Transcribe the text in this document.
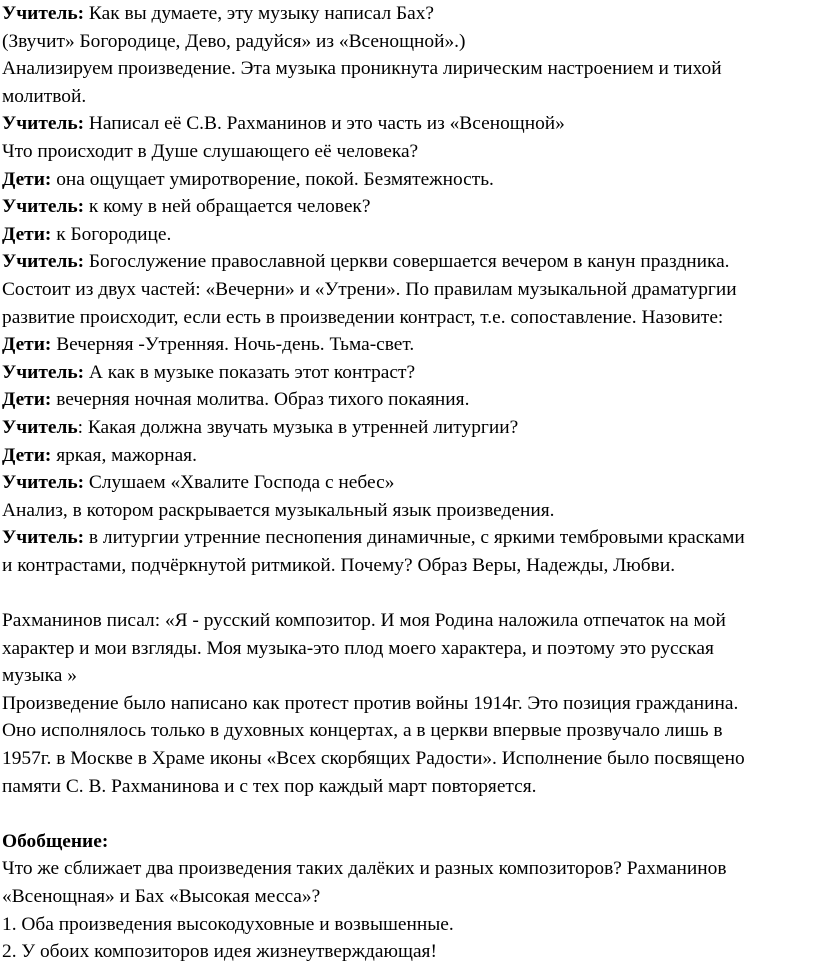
Учитель: Как вы думаете, эту музыку написал Бах?
(Звучит» Богородице, Дево, радуйся» из «Всенощной».)
Анализируем произведение. Эта музыка проникнута лирическим настроением и тихой
молитвой.
Учитель: Написал её С.В. Рахманинов и это часть из «Всенощной»
Что происходит в Душе слушающего её человека?
Дети: она ощущает умиротворение, покой. Безмятежность.
Учитель: к кому в ней обращается человек?
Дети: к Богородице.
Учитель: Богослужение православной церкви совершается вечером в канун праздника.
Состоит из двух частей: «Вечерни» и «Утрени». По правилам музыкальной драматургии
развитие происходит, если есть в произведении контраст, т.е. сопоставление. Назовите:
Дети: Вечерняя -Утренняя. Ночь-день. Тьма-свет.
Учитель: А как в музыке показать этот контраст?
Дети: вечерняя ночная молитва. Образ тихого покаяния.
Учитель: Какая должна звучать музыка в утренней литургии?
Дети: яркая, мажорная.
Учитель: Слушаем «Хвалите Господа с небес»
Анализ, в котором раскрывается музыкальный язык произведения.
Учитель: в литургии утренние песнопения динамичные, с яркими тембровыми красками
и контрастами, подчёркнутой ритмикой. Почему? Образ Веры, Надежды, Любви.
Рахманинов писал: «Я - русский композитор. И моя Родина наложила отпечаток на мой
характер и мои взгляды. Моя музыка-это плод моего характера, и поэтому это русская
музыка »
Произведение было написано как протест против войны 1914г. Это позиция гражданина.
Оно исполнялось только в духовных концертах, а в церкви впервые прозвучало лишь в
1957г. в Москве в Храме иконы «Всех скорбящих Радости». Исполнение было посвящено
памяти С. В. Рахманинова и с тех пор каждый март повторяется.
Обобщение:
Что же сближает два произведения таких далёких и разных композиторов? Рахманинов
«Всенощная» и Бах «Высокая месса»?
1. Оба произведения высокодуховные и возвышенные.
2. У обоих композиторов идея жизнеутверждающая!
